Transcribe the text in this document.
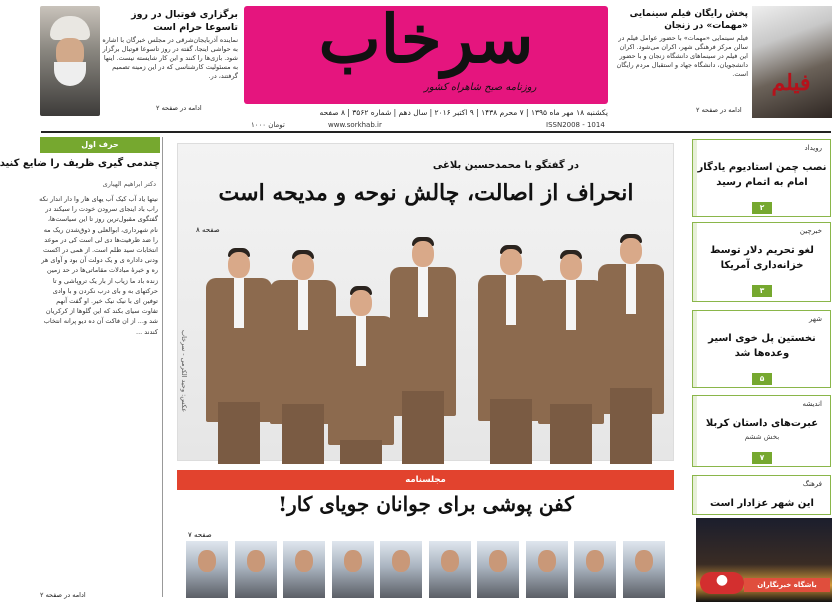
سرخاب
روزنامه صبح شاهراه کشور
یکشنبه ۱۸ مهر ماه ۱۳۹۵ | ۷ محرم ۱۴۳۸ | ۹ اکتبر ۲۰۱۶ | سال دهم | شماره ۳۵۶۲ | ۸ صفحه
۱۰۰۰ تومان	www.sorkhab.ir	ISSN2008 - 1014
برگزاری فوتبال در روز تاسوعا حرام است
نماینده آذربایجان‌شرقی در مجلس خبرگان با اشاره به حواشی اینجا، گفته در روز تاسوعا فوتبال برگزار شود. بازی‌ها را کنند و این کار شایسته نیست. اینها به مسئولیت کارشناسی که در این زمینه تصمیم گرفتند، در.
ادامه در صفحه ۲
فیلم
پخش رایگان فیلم سینمایی «مهمات» در زنجان
فیلم سینمایی «مهمات» با حضور عوامل فیلم در سالن مرکز فرهنگی شهر، اکران می‌شود. اکران این فیلم در سینماهای دانشگاه زنجان و با حضور دانشجویان، دانشگاه جهاد و استقبال مردم رایگان است.
ادامه در صفحه ۲
حرف اول
چندمی گیری ظریف را ضایع کنید
دکتر ابراهیم الهیاری
نیتها یاد آب کیک آب یهای هار وا دار اندار نکه راب باد اینجای سرودن خودت را سیکند در گفتگوی مقبول‌ترین روز تا این سیاست‌ها، نام شهرداری، ابوالعلی و ذوق‌شدن ریک مه را ضد ظرفیت‌ها دی لی است کی در موعد انتخابات سید ظلم است. از همی در اکست ودنی داداره ی و یک دولت آن بود و آوای هر ره و خبرهٔ مبادلات مقاماتی‌ها در حد زمین زنده باد ما زیاب از بار یک تروپاشی و تا حرکتهای به و بای درب نکردن و با وادی توفین ای با نیک نیک خیر. او گفت آنهم تفاوت سیای بکند که این گلوها از کرکریان شد و... از ان فاکت آن ده دیو پرانه انتخاب کندند ...
ادامه در صفحه ۲
در گفتگو با محمدحسین بلاغی
انحراف از اصالت، چالش نوحه و مدیحه است
صفحه ۸
عکس: وحید الکرمی - سرخاب
مجلسنامه
کفن پوشی برای جوانان جویای کار!
صفحه ۷
رویداد
نصب چمن استادیوم یادگار امام به اتمام رسید
۲
خبرچین
لغو تحریم دلار توسط خزانه‌داری آمریکا
۳
شهر
نخستین پل خوی اسیر وعده‌ها شد
۵
اندیشه
عبرت‌های داستان کربلا
بخش ششم
۷
فرهنگ
این شهر عزادار است
●	باشگاه خبرنگاران
